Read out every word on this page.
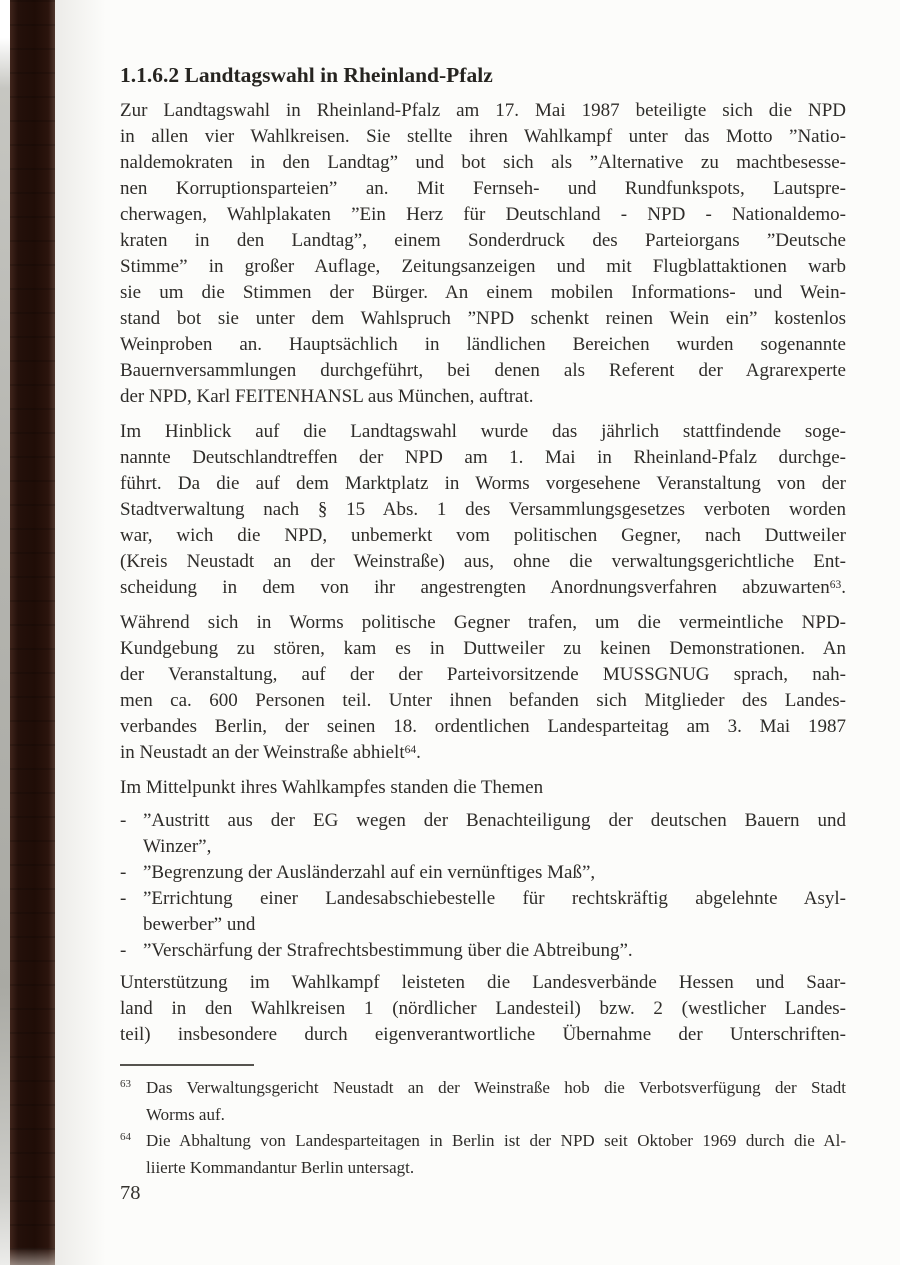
1.1.6.2 Landtagswahl in Rheinland-Pfalz
Zur Landtagswahl in Rheinland-Pfalz am 17. Mai 1987 beteiligte sich die NPD
in allen vier Wahlkreisen. Sie stellte ihren Wahlkampf unter das Motto ”Natio-
naldemokraten in den Landtag” und bot sich als ”Alternative zu machtbesesse-
nen Korruptionsparteien” an. Mit Fernseh- und Rundfunkspots, Lautspre-
cherwagen, Wahlplakaten ”Ein Herz für Deutschland - NPD - Nationaldemo-
kraten in den Landtag”, einem Sonderdruck des Parteiorgans ”Deutsche
Stimme” in großer Auflage, Zeitungsanzeigen und mit Flugblattaktionen warb
sie um die Stimmen der Bürger. An einem mobilen Informations- und Wein-
stand bot sie unter dem Wahlspruch ”NPD schenkt reinen Wein ein” kostenlos
Weinproben an. Hauptsächlich in ländlichen Bereichen wurden sogenannte
Bauernversammlungen durchgeführt, bei denen als Referent der Agrarexperte
der NPD, Karl FEITENHANSL aus München, auftrat.
Im Hinblick auf die Landtagswahl wurde das jährlich stattfindende soge-
nannte Deutschlandtreffen der NPD am 1. Mai in Rheinland-Pfalz durchge-
führt. Da die auf dem Marktplatz in Worms vorgesehene Veranstaltung von der
Stadtverwaltung nach § 15 Abs. 1 des Versammlungsgesetzes verboten worden
war, wich die NPD, unbemerkt vom politischen Gegner, nach Duttweiler
(Kreis Neustadt an der Weinstraße) aus, ohne die verwaltungsgerichtliche Ent-
scheidung in dem von ihr angestrengten Anordnungsverfahren abzuwarten$^{63}$.
Während sich in Worms politische Gegner trafen, um die vermeintliche NPD-
Kundgebung zu stören, kam es in Duttweiler zu keinen Demonstrationen. An
der Veranstaltung, auf der der Parteivorsitzende MUSSGNUG sprach, nah-
men ca. 600 Personen teil. Unter ihnen befanden sich Mitglieder des Landes-
verbandes Berlin, der seinen 18. ordentlichen Landesparteitag am 3. Mai 1987
in Neustadt an der Weinstraße abhielt$^{64}$.
Im Mittelpunkt ihres Wahlkampfes standen die Themen
- ”Austritt aus der EG wegen der Benachteiligung der deutschen Bauern und
Winzer”,
- ”Begrenzung der Ausländerzahl auf ein vernünftiges Maß”,
- ”Errichtung einer Landesabschiebestelle für rechtskräftig abgelehnte Asyl-
bewerber” und
- ”Verschärfung der Strafrechtsbestimmung über die Abtreibung”.
Unterstützung im Wahlkampf leisteten die Landesverbände Hessen und Saar-
land in den Wahlkreisen 1 (nördlicher Landesteil) bzw. 2 (westlicher Landes-
teil) insbesondere durch eigenverantwortliche Übernahme der Unterschriften-
63 Das Verwaltungsgericht Neustadt an der Weinstraße hob die Verbotsverfügung der Stadt
Worms auf.
64 Die Abhaltung von Landesparteitagen in Berlin ist der NPD seit Oktober 1969 durch die Al-
liierte Kommandantur Berlin untersagt.
78
